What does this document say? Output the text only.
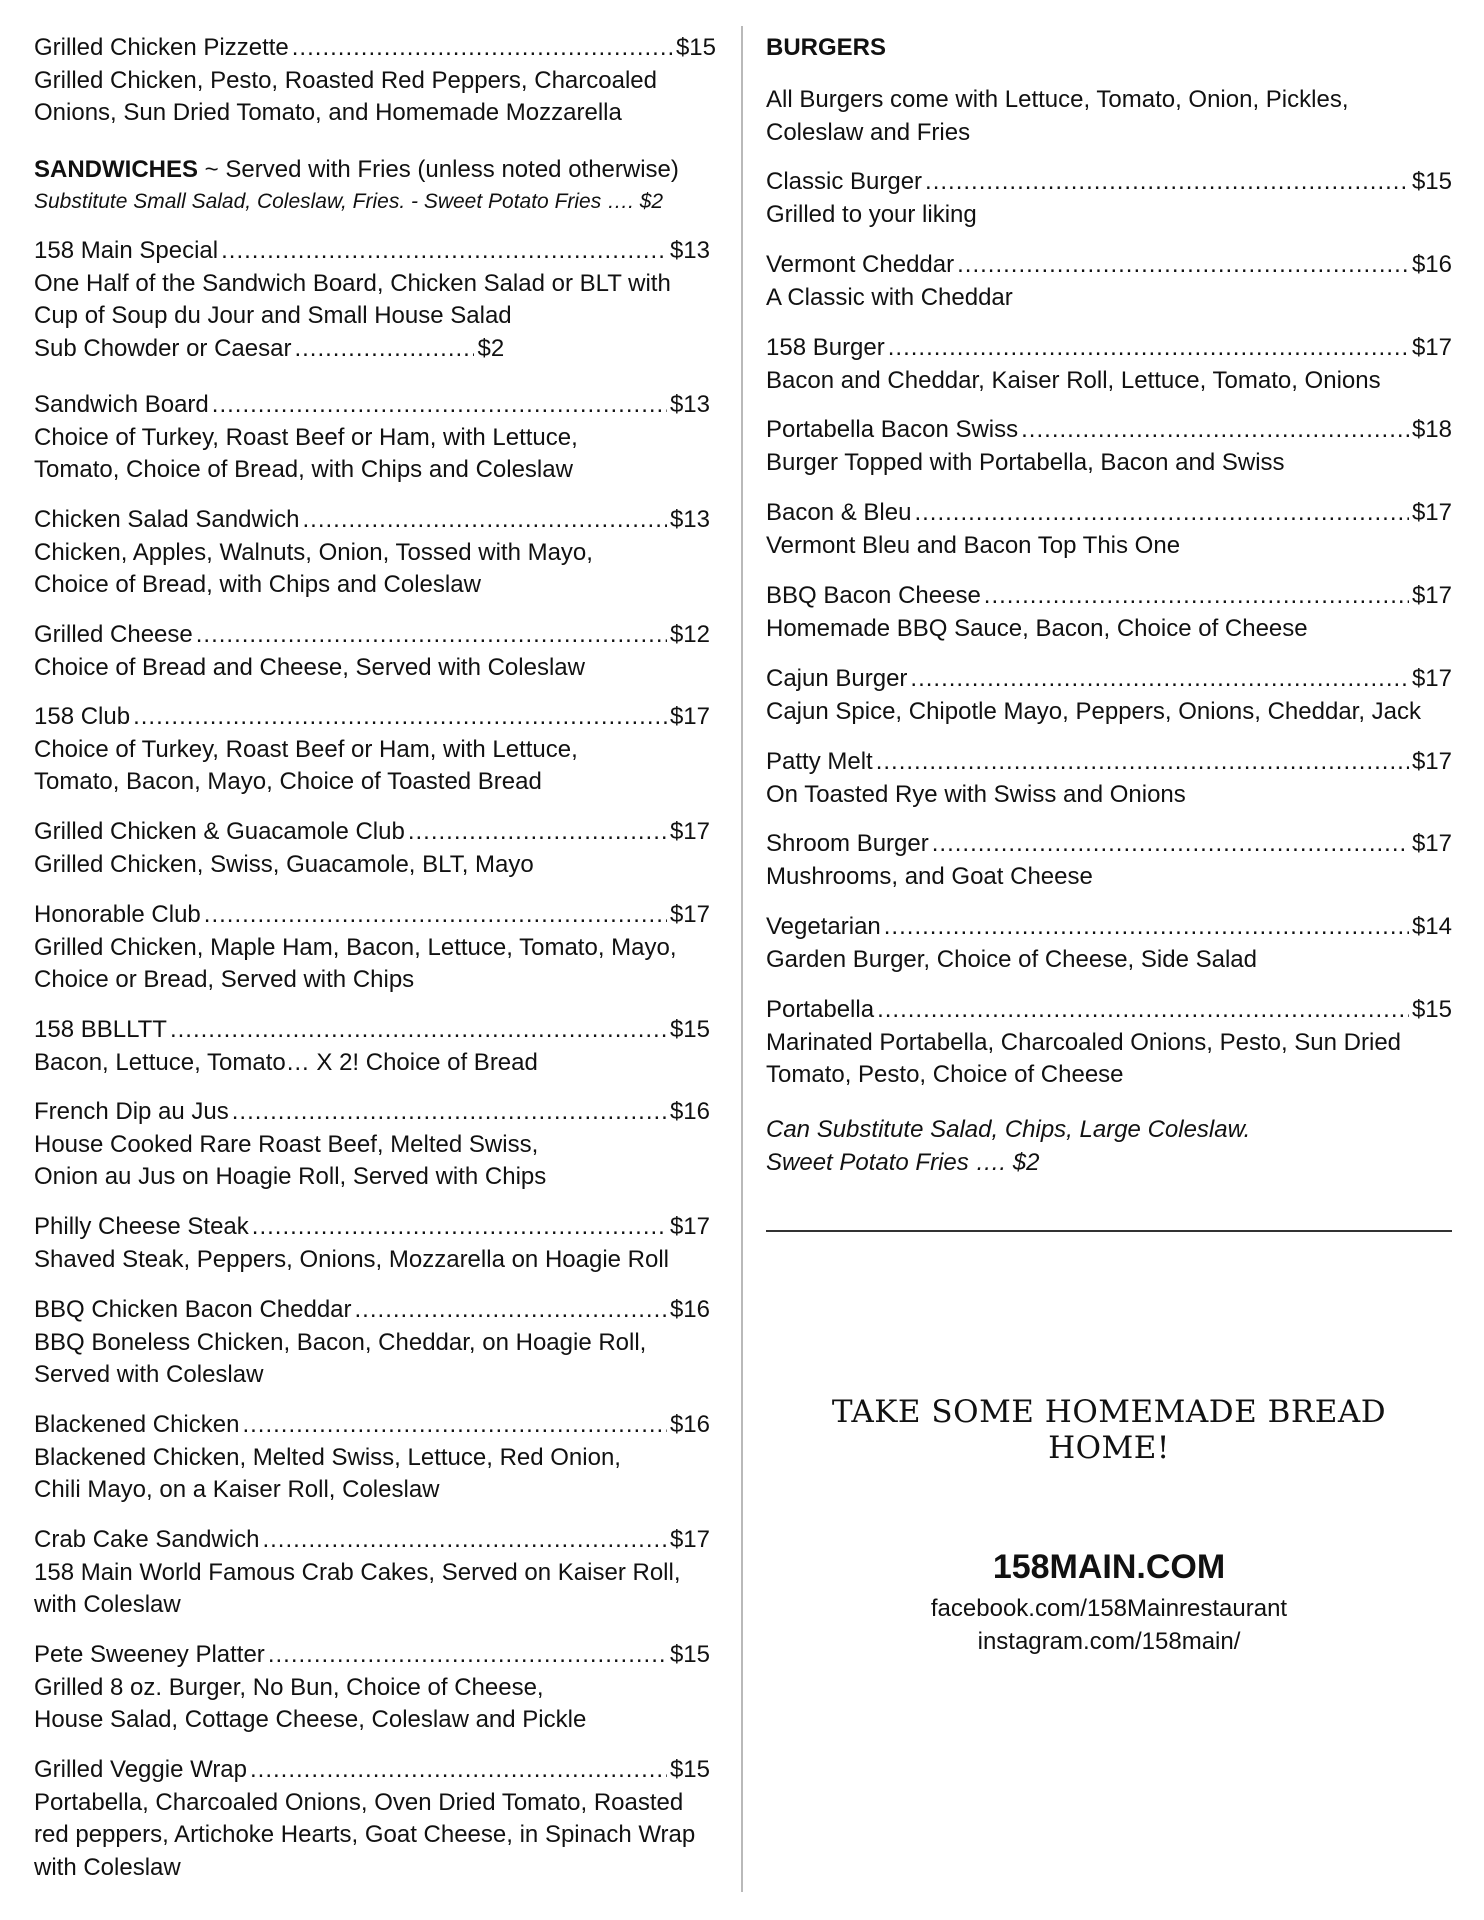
Grilled Chicken Pizzette .....	$15
Grilled Chicken, Pesto, Roasted Red Peppers, Charcoaled
Onions, Sun Dried Tomato, and Homemade Mozzarella
SANDWICHES ~ Served with Fries (unless noted otherwise)
Substitute Small Salad, Coleslaw, Fries. - Sweet Potato Fries …. $2
158 Main Special .....	$13
One Half of the Sandwich Board, Chicken Salad or BLT with
Cup of Soup du Jour and Small House Salad
Sub Chowder or Caesar .....	$2
Sandwich Board .....	$13
Choice of Turkey, Roast Beef or Ham, with Lettuce,
Tomato, Choice of Bread, with Chips and Coleslaw
Chicken Salad Sandwich .....	$13
Chicken, Apples, Walnuts, Onion, Tossed with Mayo,
Choice of Bread, with Chips and Coleslaw
Grilled Cheese .....	$12
Choice of Bread and Cheese, Served with Coleslaw
158 Club .....	$17
Choice of Turkey, Roast Beef or Ham, with Lettuce,
Tomato, Bacon, Mayo, Choice of Toasted Bread
Grilled Chicken & Guacamole Club .....	$17
Grilled Chicken, Swiss, Guacamole, BLT, Mayo
Honorable Club .....	$17
Grilled Chicken, Maple Ham, Bacon, Lettuce, Tomato, Mayo,
Choice or Bread, Served with Chips
158 BBLLTT .....	$15
Bacon, Lettuce, Tomato… X 2! Choice of Bread
French Dip au Jus .....	$16
House Cooked Rare Roast Beef, Melted Swiss,
Onion au Jus on Hoagie Roll, Served with Chips
Philly Cheese Steak .....	$17
Shaved Steak, Peppers, Onions, Mozzarella on Hoagie Roll
BBQ Chicken Bacon Cheddar .....	$16
BBQ Boneless Chicken, Bacon, Cheddar, on Hoagie Roll,
Served with Coleslaw
Blackened Chicken .....	$16
Blackened Chicken, Melted Swiss, Lettuce, Red Onion,
Chili Mayo, on a Kaiser Roll, Coleslaw
Crab Cake Sandwich .....	$17
158 Main World Famous Crab Cakes, Served on Kaiser Roll,
with Coleslaw
Pete Sweeney Platter .....	$15
Grilled 8 oz. Burger, No Bun, Choice of Cheese,
House Salad, Cottage Cheese, Coleslaw and Pickle
Grilled Veggie Wrap .....	$15
Portabella, Charcoaled Onions, Oven Dried Tomato, Roasted
red peppers, Artichoke Hearts, Goat Cheese, in Spinach Wrap
with Coleslaw
BURGERS
All Burgers come with Lettuce, Tomato, Onion, Pickles,
Coleslaw and Fries
Classic Burger .....	$15
Grilled to your liking
Vermont Cheddar .....	$16
A Classic with Cheddar
158 Burger .....	$17
Bacon and Cheddar, Kaiser Roll, Lettuce, Tomato, Onions
Portabella Bacon Swiss .....	$18
Burger Topped with Portabella, Bacon and Swiss
Bacon & Bleu .....	$17
Vermont Bleu and Bacon Top This One
BBQ Bacon Cheese .....	$17
Homemade BBQ Sauce, Bacon, Choice of Cheese
Cajun Burger .....	$17
Cajun Spice, Chipotle Mayo, Peppers, Onions, Cheddar, Jack
Patty Melt .....	$17
On Toasted Rye with Swiss and Onions
Shroom Burger .....	$17
Mushrooms, and Goat Cheese
Vegetarian .....	$14
Garden Burger, Choice of Cheese, Side Salad
Portabella .....	$15
Marinated Portabella, Charcoaled Onions, Pesto, Sun Dried
Tomato, Pesto, Choice of Cheese
Can Substitute Salad, Chips, Large Coleslaw.
Sweet Potato Fries …. $2
TAKE SOME HOMEMADE BREAD HOME!
158MAIN.COM
facebook.com/158Mainrestaurant
instagram.com/158main/
